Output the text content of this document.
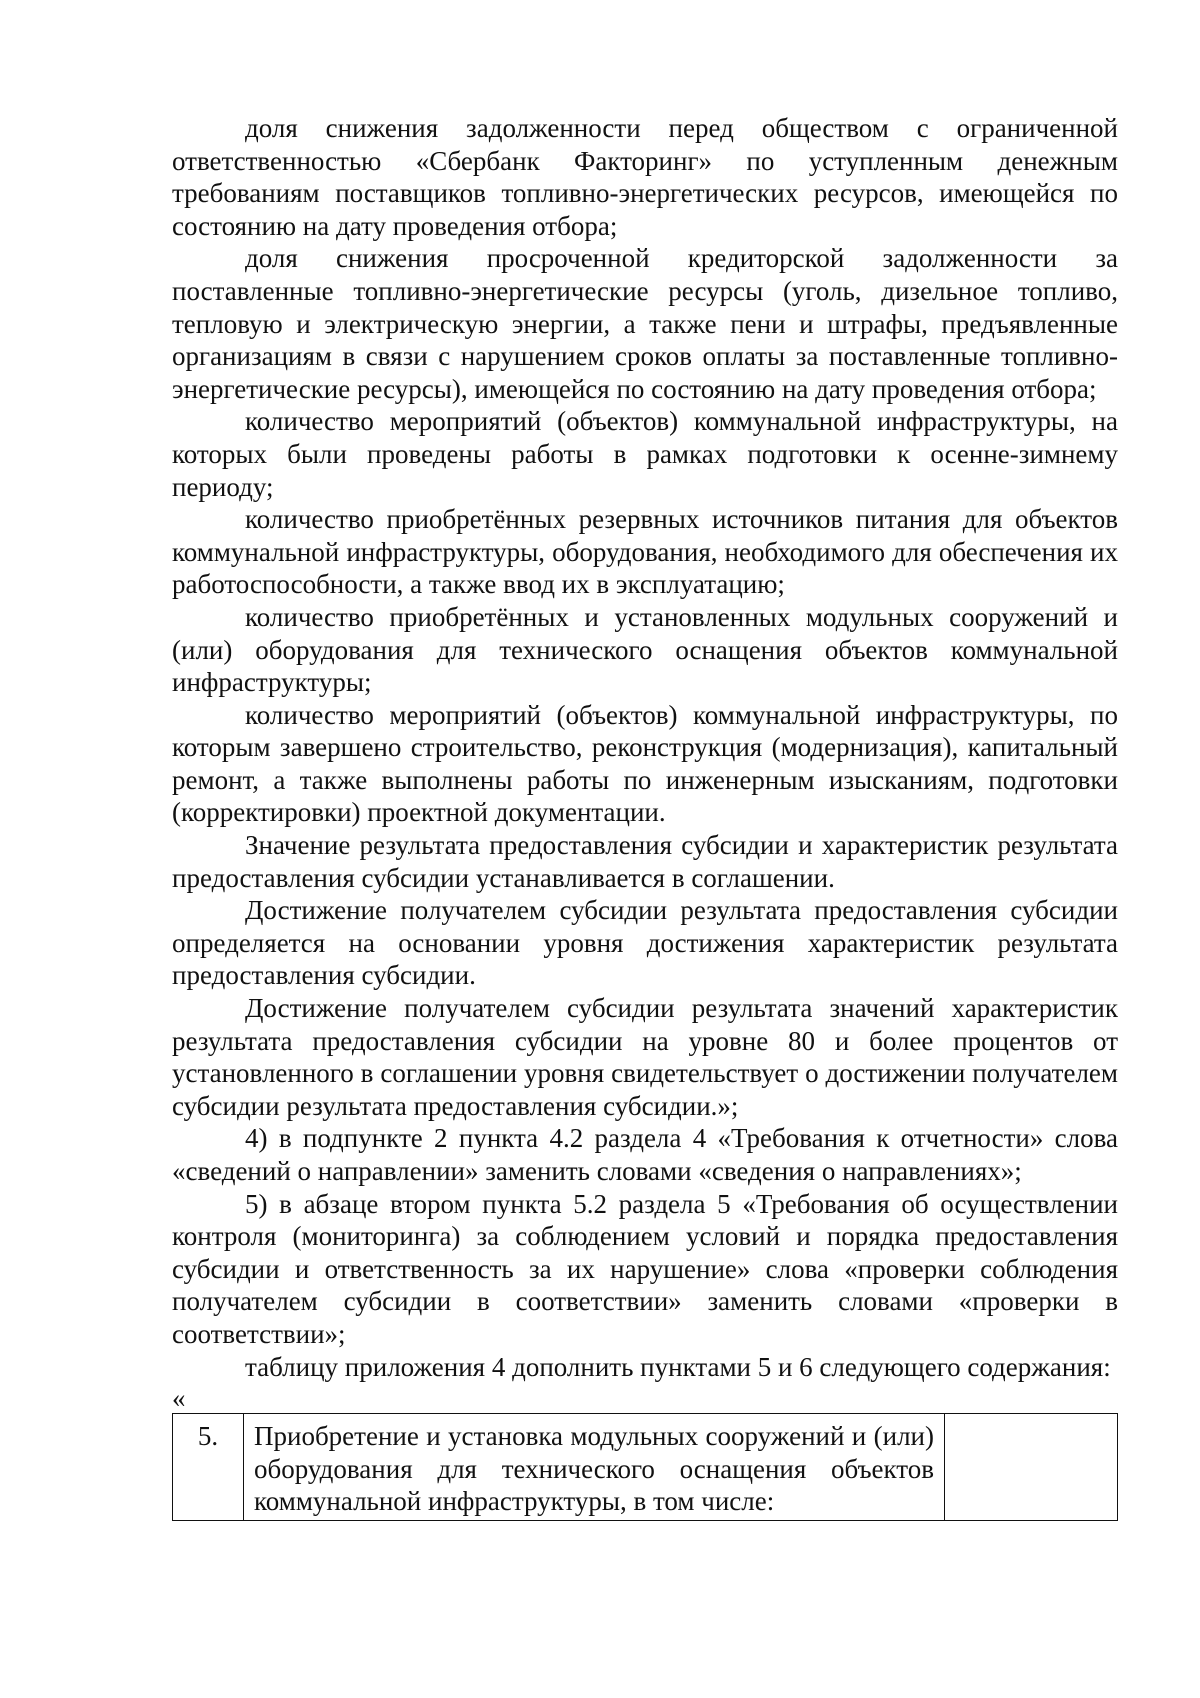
доля снижения задолженности перед обществом с ограниченной ответственностью «Сбербанк Факторинг» по уступленным денежным требованиям поставщиков топливно-энергетических ресурсов, имеющейся по состоянию на дату проведения отбора;

доля снижения просроченной кредиторской задолженности за поставленные топливно-энергетические ресурсы (уголь, дизельное топливо, тепловую и электрическую энергии, а также пени и штрафы, предъявленные организациям в связи с нарушением сроков оплаты за поставленные топливно-энергетические ресурсы), имеющейся по состоянию на дату проведения отбора;

количество мероприятий (объектов) коммунальной инфраструктуры, на которых были проведены работы в рамках подготовки к осенне-зимнему периоду;

количество приобретённых резервных источников питания для объектов коммунальной инфраструктуры, оборудования, необходимого для обеспечения их работоспособности, а также ввод их в эксплуатацию;

количество приобретённых и установленных модульных сооружений и (или) оборудования для технического оснащения объектов коммунальной инфраструктуры;

количество мероприятий (объектов) коммунальной инфраструктуры, по которым завершено строительство, реконструкция (модернизация), капитальный ремонт, а также выполнены работы по инженерным изысканиям, подготовки (корректировки) проектной документации.

Значение результата предоставления субсидии и характеристик результата предоставления субсидии устанавливается в соглашении.

Достижение получателем субсидии результата предоставления субсидии определяется на основании уровня достижения характеристик результата предоставления субсидии.

Достижение получателем субсидии результата значений характеристик результата предоставления субсидии на уровне 80 и более процентов от установленного в соглашении уровня свидетельствует о достижении получателем субсидии результата предоставления субсидии.»;

4) в подпункте 2 пункта 4.2 раздела 4 «Требования к отчетности» слова «сведений о направлении» заменить словами «сведения о направлениях»;

5) в абзаце втором пункта 5.2 раздела 5 «Требования об осуществлении контроля (мониторинга) за соблюдением условий и порядка предоставления субсидии и ответственность за их нарушение» слова «проверки соблюдения получателем субсидии в соответствии» заменить словами «проверки в соответствии»;

таблицу приложения 4 дополнить пунктами 5 и 6 следующего содержания:

«

5.	Приобретение и установка модульных сооружений и (или) оборудования для технического оснащения объектов коммунальной инфраструктуры, в том числе:	
